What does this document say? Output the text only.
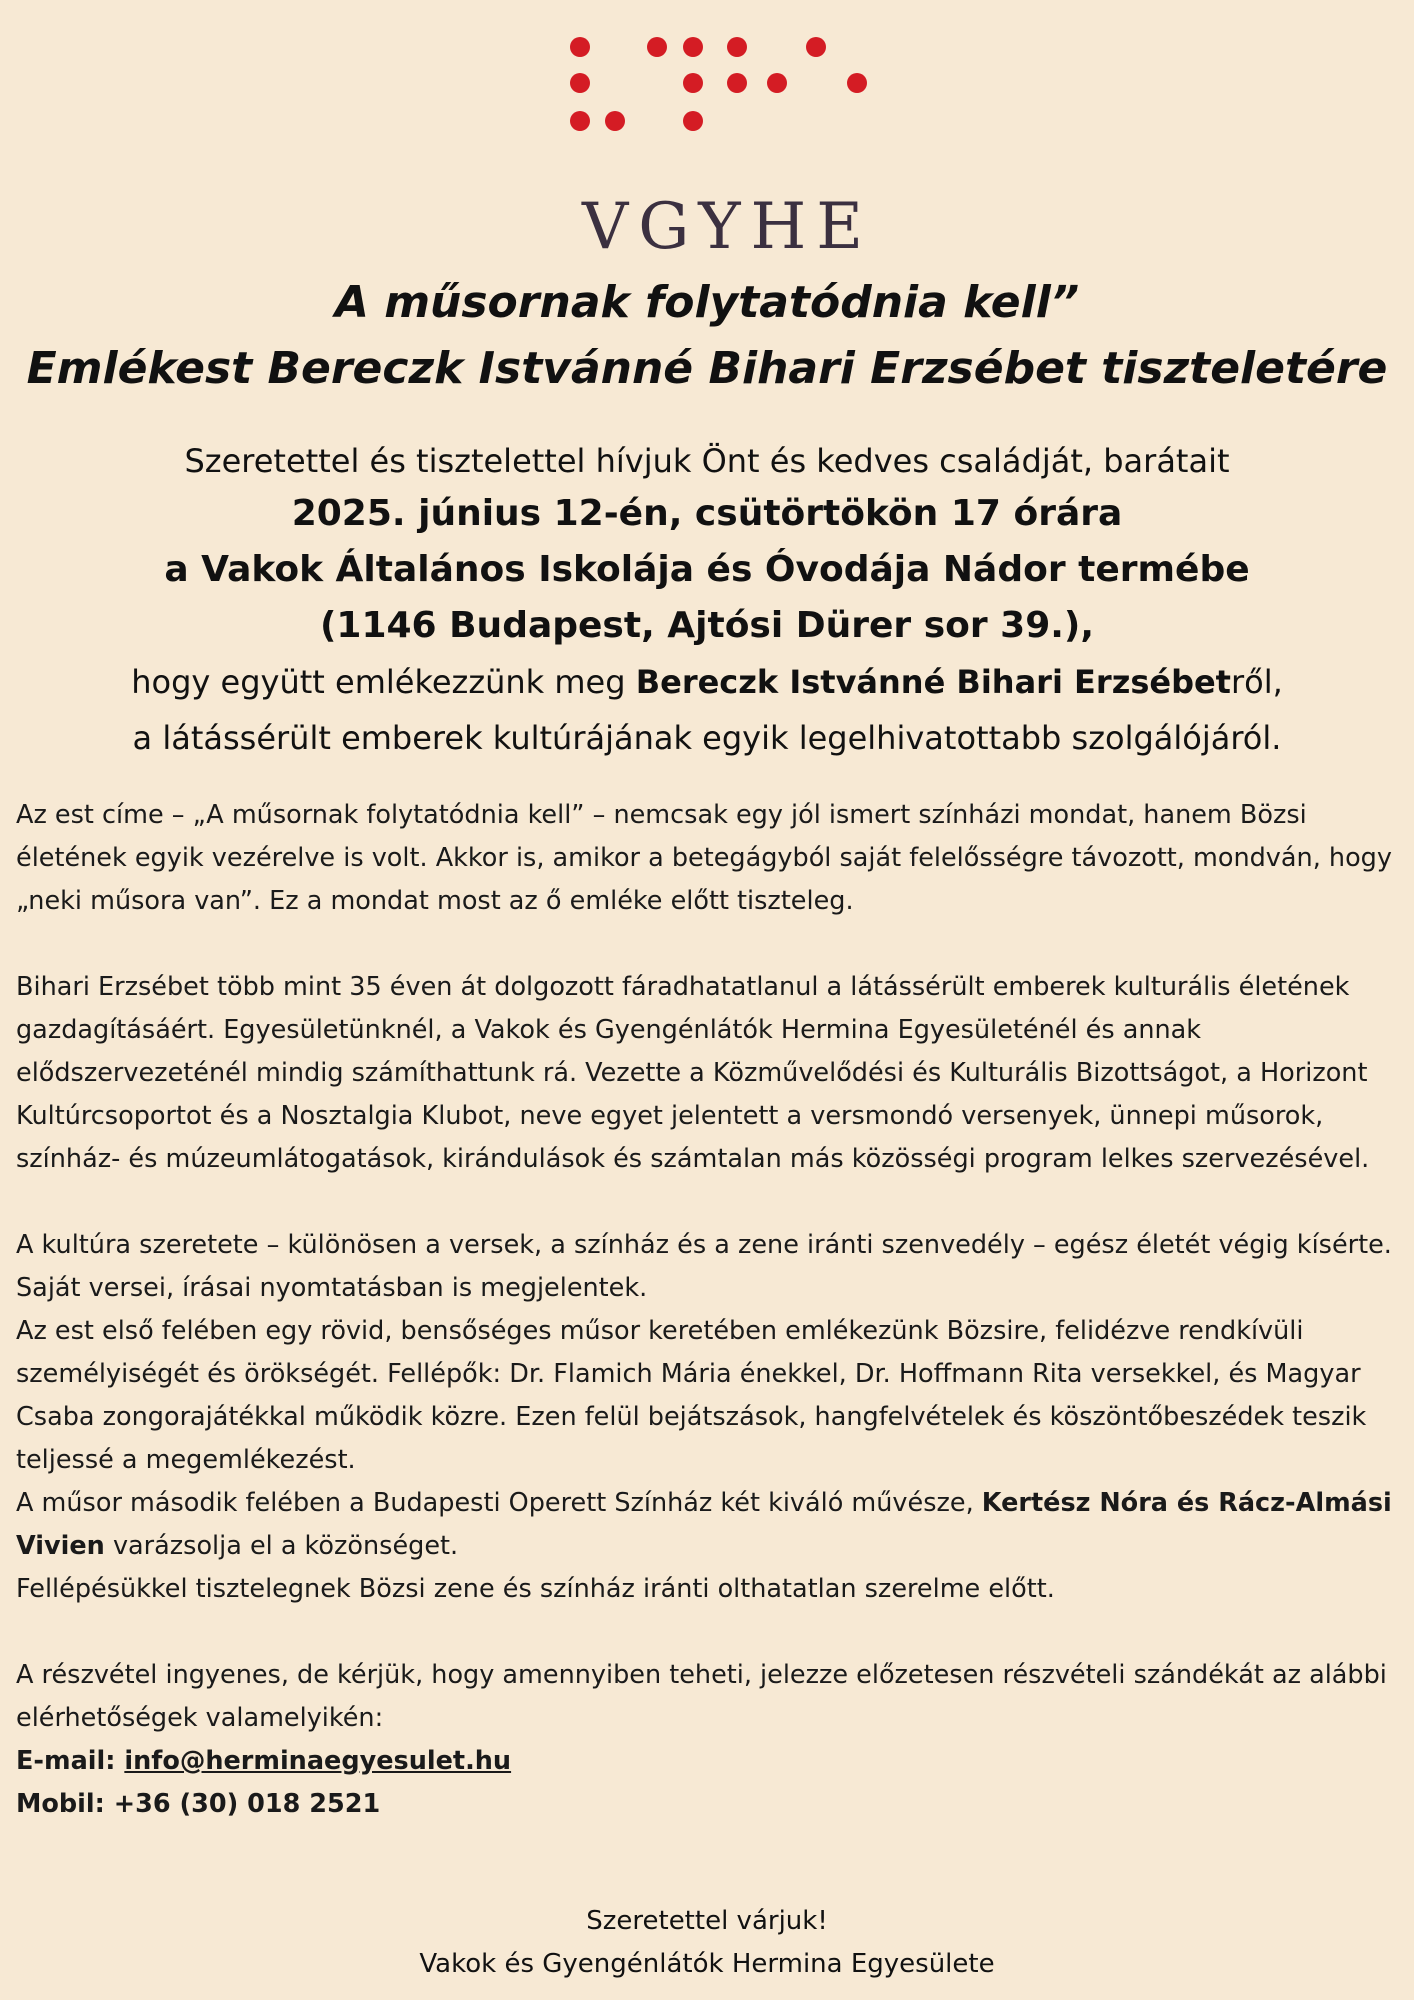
VGYHE
A műsornak folytatódnia kell”
Emlékest Bereczk Istvánné Bihari Erzsébet tiszteletére
Szeretettel és tisztelettel hívjuk Önt és kedves családját, barátait
2025. június 12-én, csütörtökön 17 órára
a Vakok Általános Iskolája és Óvodája Nádor termébe
(1146 Budapest, Ajtósi Dürer sor 39.),
hogy együtt emlékezzünk meg Bereczk Istvánné Bihari Erzsébetről,
a látássérült emberek kultúrájának egyik legelhivatottabb szolgálójáról.

Az est címe – „A műsornak folytatódnia kell” – nemcsak egy jól ismert színházi mondat, hanem Bözsi életének egyik vezérelve is volt. Akkor is, amikor a betegágyból saját felelősségre távozott, mondván, hogy „neki műsora van”. Ez a mondat most az ő emléke előtt tiszteleg.

Bihari Erzsébet több mint 35 éven át dolgozott fáradhatatlanul a látássérült emberek kulturális életének gazdagításáért. Egyesületünknél, a Vakok és Gyengénlátók Hermina Egyesületénél és annak elődszervezeténél mindig számíthattunk rá. Vezette a Közművelődési és Kulturális Bizottságot, a Horizont Kultúrcsoportot és a Nosztalgia Klubot, neve egyet jelentett a versmondó versenyek, ünnepi műsorok, színház- és múzeumlátogatások, kirándulások és számtalan más közösségi program lelkes szervezésével.

A kultúra szeretete – különösen a versek, a színház és a zene iránti szenvedély – egész életét végig kísérte. Saját versei, írásai nyomtatásban is megjelentek.

Az est első felében egy rövid, bensőséges műsor keretében emlékezünk Bözsire, felidézve rendkívüli személyiségét és örökségét. Fellépők: Dr. Flamich Mária énekkel, Dr. Hoffmann Rita versekkel, és Magyar Csaba zongorajátékkal működik közre. Ezen felül bejátszások, hangfelvételek és köszöntőbeszédek teszik teljessé a megemlékezést.

A műsor második felében a Budapesti Operett Színház két kiváló művésze, Kertész Nóra és Rácz-Almási Vivien varázsolja el a közönséget.

Fellépésükkel tisztelegnek Bözsi zene és színház iránti olthatatlan szerelme előtt.

A részvétel ingyenes, de kérjük, hogy amennyiben teheti, jelezze előzetesen részvételi szándékát az alábbi elérhetőségek valamelyikén:

E-mail: info@herminaegyesulet.hu
Mobil: +36 (30) 018 2521
Szeretettel várjuk!
Vakok és Gyengénlátók Hermina Egyesülete
